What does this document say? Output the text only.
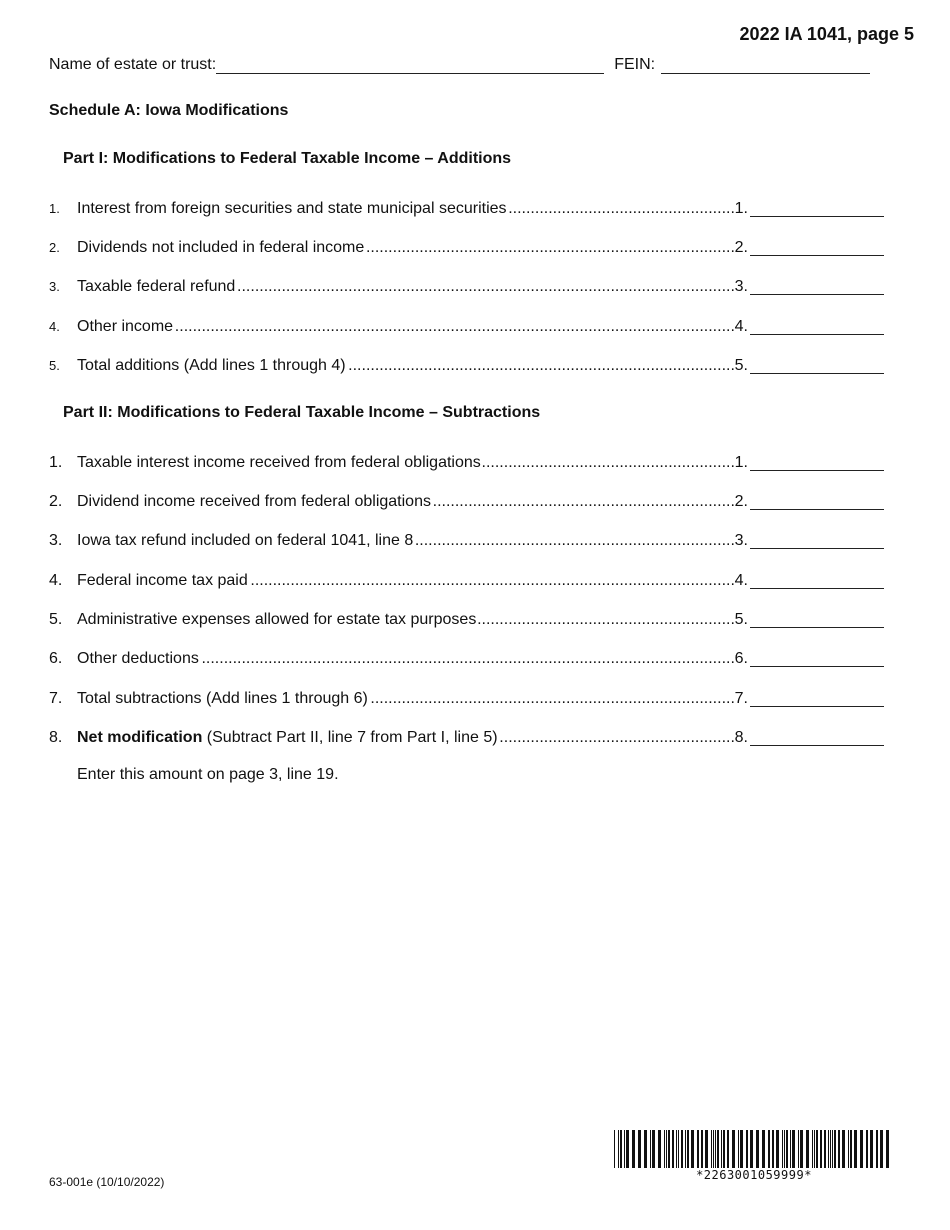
2022 IA 1041, page 5
Name of estate or trust:	FEIN:
Schedule A: Iowa Modifications
Part I: Modifications to Federal Taxable Income – Additions
1. ..... Interest from foreign securities and state municipal securities	1.
2. ..... Dividends not included in federal income	2.
3. ..... Taxable federal refund	3.
4. ..... Other income	4.
5. ..... Total additions (Add lines 1 through 4)	5.
Part II: Modifications to Federal Taxable Income – Subtractions
1. ..... Taxable interest income received from federal obligations	1.
2. ..... Dividend income received from federal obligations	2.
3. ..... Iowa tax refund included on federal 1041, line 8	3.
4. ..... Federal income tax paid	4.
5. ..... Administrative expenses allowed for estate tax purposes	5.
6. ..... Other deductions	6.
7. ..... Total subtractions (Add lines 1 through 6)	7.
8. ..... Net modification (Subtract Part II, line 7 from Part I, line 5)	8.
Enter this amount on page 3, line 19.
63-001e (10/10/2022)	*2263001059999*
